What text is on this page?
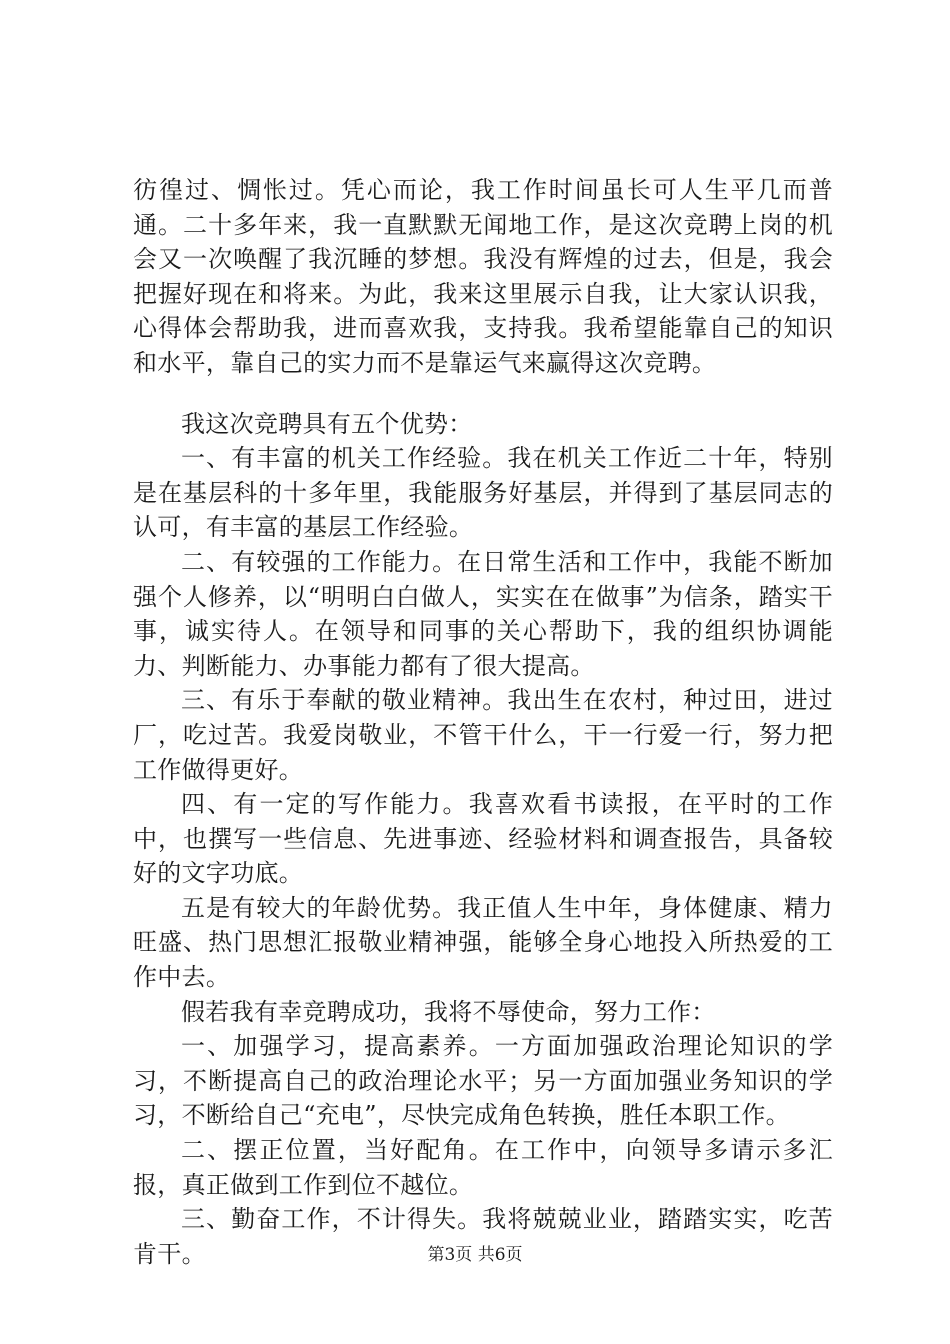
彷徨过、惆怅过。凭心而论，我工作时间虽长可人生平几而普通。二十多年来，我一直默默无闻地工作，是这次竞聘上岗的机会又一次唤醒了我沉睡的梦想。我没有辉煌的过去，但是，我会把握好现在和将来。为此，我来这里展示自我，让大家认识我，心得体会帮助我，进而喜欢我，支持我。我希望能靠自己的知识和水平，靠自己的实力而不是靠运气来赢得这次竞聘。

我这次竞聘具有五个优势：

一、有丰富的机关工作经验。我在机关工作近二十年，特别是在基层科的十多年里，我能服务好基层，并得到了基层同志的认可，有丰富的基层工作经验。

二、有较强的工作能力。在日常生活和工作中，我能不断加强个人修养，以“明明白白做人，实实在在做事”为信条，踏实干事，诚实待人。在领导和同事的关心帮助下，我的组织协调能力、判断能力、办事能力都有了很大提高。

三、有乐于奉献的敬业精神。我出生在农村，种过田，进过厂，吃过苦。我爱岗敬业，不管干什么，干一行爱一行，努力把工作做得更好。

四、有一定的写作能力。我喜欢看书读报，在平时的工作中，也撰写一些信息、先进事迹、经验材料和调查报告，具备较好的文字功底。

五是有较大的年龄优势。我正值人生中年，身体健康、精力旺盛、热门思想汇报敬业精神强，能够全身心地投入所热爱的工作中去。

假若我有幸竞聘成功，我将不辱使命，努力工作：

一、加强学习，提高素养。一方面加强政治理论知识的学习，不断提高自己的政治理论水平；另一方面加强业务知识的学习，不断给自己“充电”，尽快完成角色转换，胜任本职工作。

二、摆正位置，当好配角。在工作中，向领导多请示多汇报，真正做到工作到位不越位。

三、勤奋工作，不计得失。我将兢兢业业，踏踏实实，吃苦肯干。	第3页 共6页
